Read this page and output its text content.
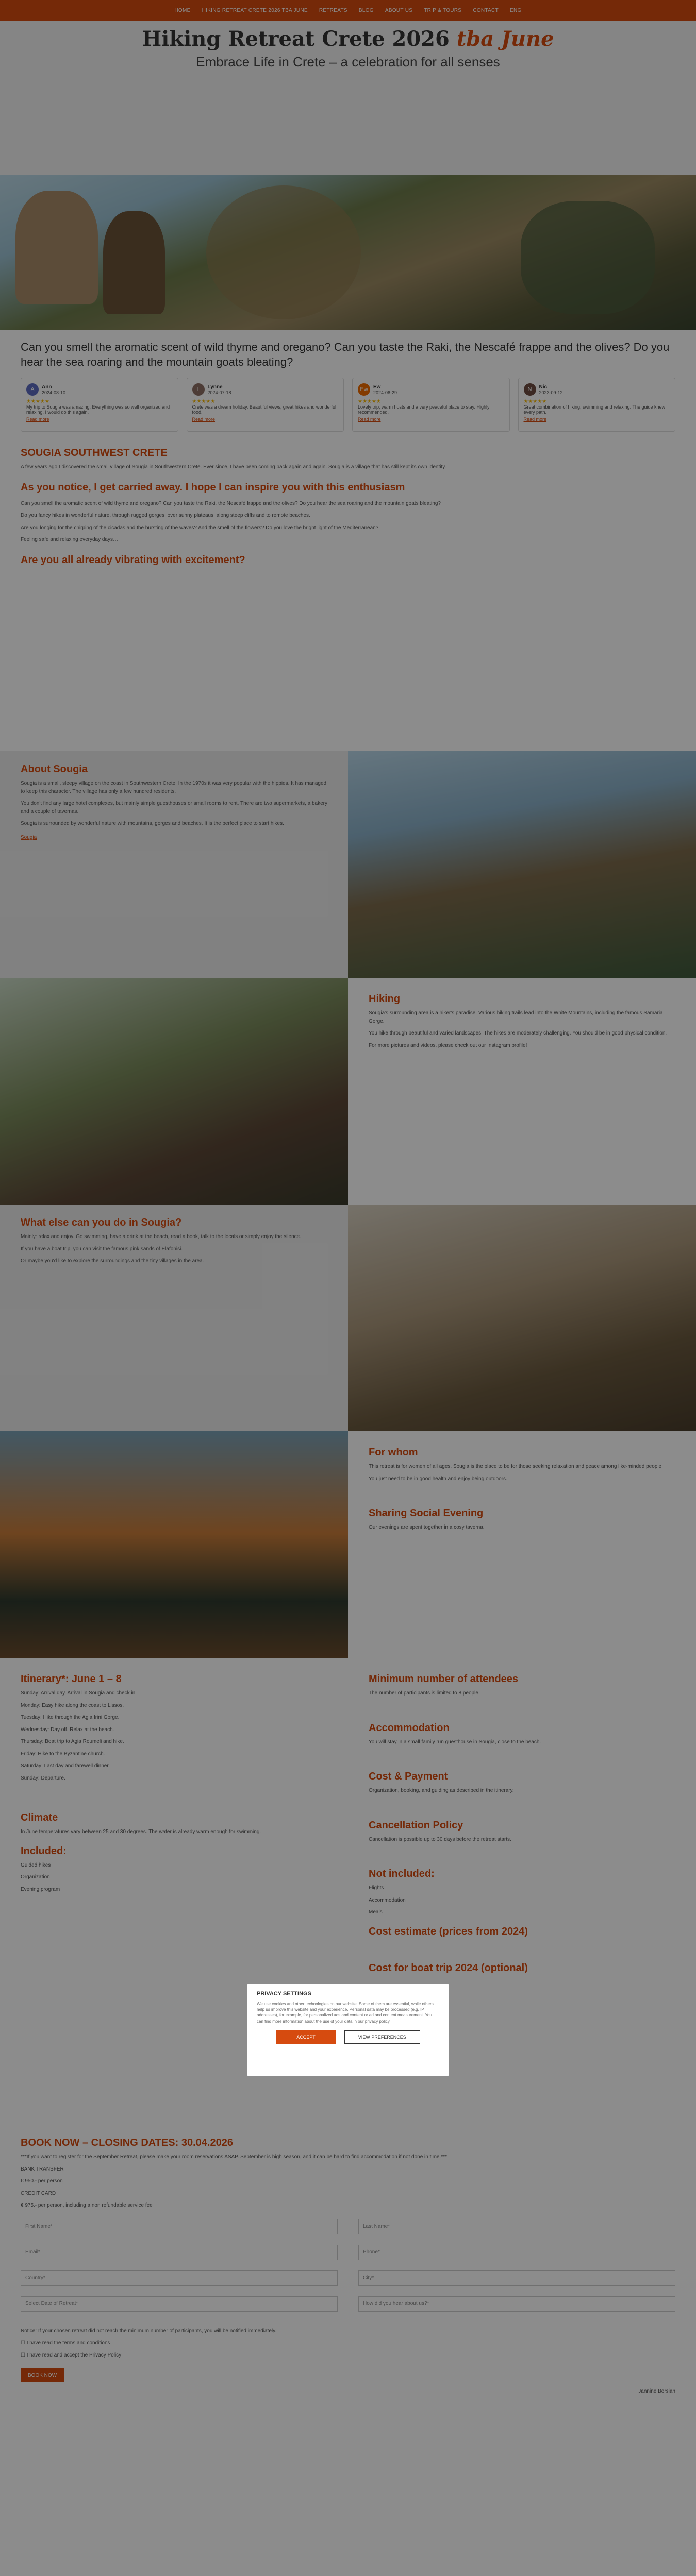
HOME HIKING RETREAT CRETE 2026 TBA JUNE RETREATS BLOG ABOUT US TRIP & TOURS CONTACT ENG
Hiking Retreat Crete 2026 tba June
Embrace Life in Crete – a celebration for all senses
Can you smell the aromatic scent of wild thyme and oregano? Can you taste the Raki, the Nescafé frappe and the olives? Do you hear the sea roaring and the mountain goats bleating?
A	Ann
2024-08-10
★★★★★
My trip to Sougia was amazing. Everything was so well organized and relaxing. I would do this again.
Read more
L	Lynne
2024-07-18
★★★★★
Crete was a dream holiday. Beautiful views, great hikes and wonderful food.
Read more
Ew	Ew
2024-06-29
★★★★★
Lovely trip, warm hosts and a very peaceful place to stay. Highly recommended.
Read more
N	Nic
2023-09-12
★★★★★
Great combination of hiking, swimming and relaxing. The guide knew every path.
Read more
SOUGIA SOUTHWEST CRETE

A few years ago I discovered the small village of Sougia in Southwestern Crete. Ever since, I have been coming back again and again. Sougia is a village that has still kept its own identity.

As you notice, I get carried away. I hope I can inspire you with this enthusiasm

Can you smell the aromatic scent of wild thyme and oregano? Can you taste the Raki, the Nescafé frappe and the olives? Do you hear the sea roaring and the mountain goats bleating?

Do you fancy hikes in wonderful nature, through rugged gorges, over sunny plateaus, along steep cliffs and to remote beaches.

Are you longing for the chirping of the cicadas and the bursting of the waves? And the smell of the flowers? Do you love the bright light of the Mediterranean?

Feeling safe and relaxing everyday days…

Are you all already vibrating with excitement?
About Sougia

Sougia is a small, sleepy village on the coast in Southwestern Crete. In the 1970s it was very popular with the hippies. It has managed to keep this character. The village has only a few hundred residents.

You don't find any large hotel complexes, but mainly simple guesthouses or small rooms to rent. There are two supermarkets, a bakery and a couple of tavernas.

Sougia is surrounded by wonderful nature with mountains, gorges and beaches. It is the perfect place to start hikes.

Sougia
Hiking

Sougia's surrounding area is a hiker's paradise. Various hiking trails lead into the White Mountains, including the famous Samaria Gorge.

You hike through beautiful and varied landscapes. The hikes are moderately challenging. You should be in good physical condition.

For more pictures and videos, please check out our Instagram profile!

What else can you do in Sougia?

Mainly: relax and enjoy. Go swimming, have a drink at the beach, read a book, talk to the locals or simply enjoy the silence.

If you have a boat trip, you can visit the famous pink sands of Elafonisi.

Or maybe you'd like to explore the surroundings and the tiny villages in the area.

For whom

This retreat is for women of all ages. Sougia is the place to be for those seeking relaxation and peace among like-minded people.

You just need to be in good health and enjoy being outdoors.

Sharing Social Evening

Our evenings are spent together in a cosy taverna.

Itinerary*: June 1 – 8

Sunday: Arrival day. Arrival in Sougia and check in.

Monday: Easy hike along the coast to Lissos.

Tuesday: Hike through the Agia Irini Gorge.

Wednesday: Day off. Relax at the beach.

Thursday: Boat trip to Agia Roumeli and hike.

Friday: Hike to the Byzantine church.

Saturday: Last day and farewell dinner.

Sunday: Departure.

Climate

In June temperatures vary between 25 and 30 degrees. The water is already warm enough for swimming.

Included:

Guided hikes

Organization

Evening program

Minimum number of attendees

The number of participants is limited to 8 people.

Accommodation

You will stay in a small family run guesthouse in Sougia, close to the beach.

Cost & Payment

Organization, booking, and guiding as described in the itinerary.

Cancellation Policy

Cancellation is possible up to 30 days before the retreat starts.

Not included:

Flights

Accommodation

Meals

Cost estimate (prices from 2024)
Cost for boat trip 2024 (optional)
BOOK NOW – CLOSING DATES: 30.04.2026

***If you want to register for the September Retreat, please make your room reservations ASAP. September is high season, and it can be hard to find accommodation if not done in time.***

BANK TRANSFER

€ 950.- per person

CREDIT CARD

€ 975.- per person, including a non refundable service fee

First Name*	Last Name*
Email*	Phone*
Country*	City*
Select Date of Retreat*	How did you hear about us?*

Notice: If your chosen retreat did not reach the minimum number of participants, you will be notified immediately.

☐ I have read the terms and conditions

☐ I have read and accept the Privacy Policy

BOOK NOW

Jannine Borsian

PRIVACY SETTINGS

We use cookies and other technologies on our website. Some of them are essential, while others help us improve this website and your experience. Personal data may be processed (e.g. IP addresses), for example, for personalized ads and content or ad and content measurement. You can find more information about the use of your data in our privacy policy.

ACCEPT	VIEW PREFERENCES
